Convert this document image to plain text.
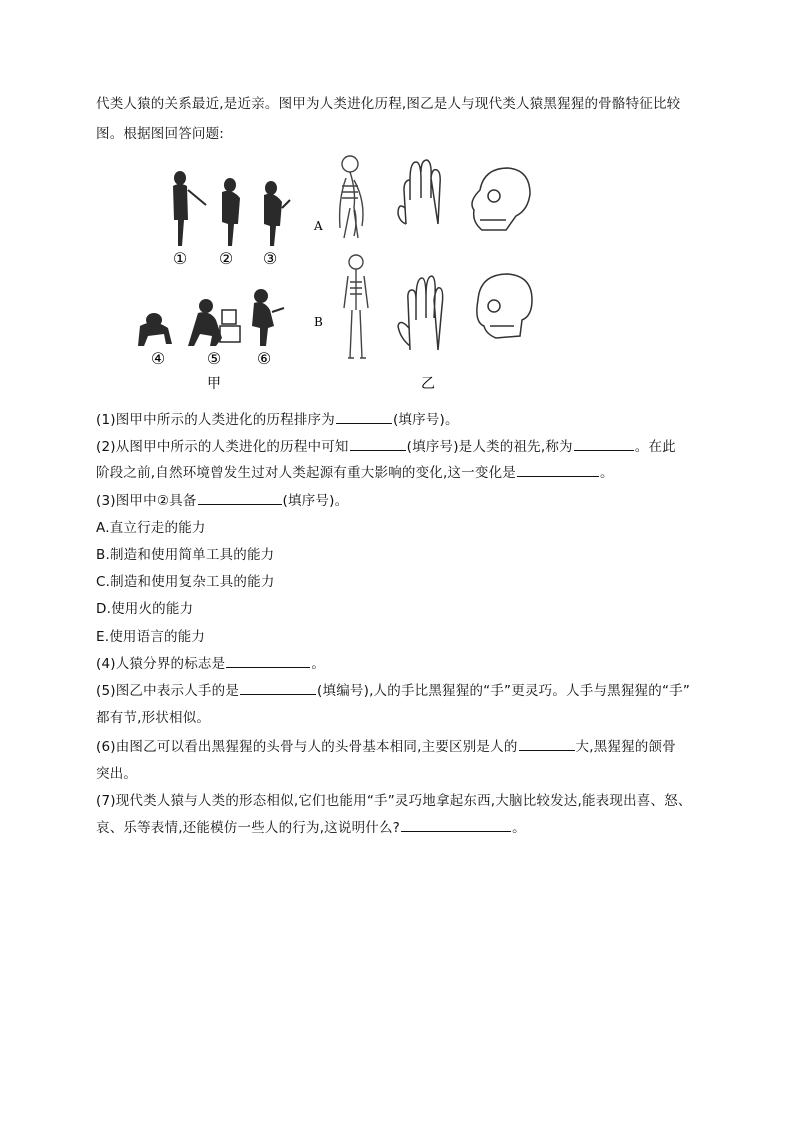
代类人猿的关系最近,是近亲。图甲为人类进化历程,图乙是人与现代类人猿黑猩猩的骨骼特征比较
图。根据图回答问题:
① ② ③
④	⑤ ⑥
甲
A
B
乙
(1)图甲中所示的人类进化的历程排序为	(填序号)。
(2)从图甲中所示的人类进化的历程中可知	(填序号)是人类的祖先,称为	。在此
阶段之前,自然环境曾发生过对人类起源有重大影响的变化,这一变化是	。
(3)图甲中②具备	(填序号)。
A.直立行走的能力
B.制造和使用简单工具的能力
C.制造和使用复杂工具的能力
D.使用火的能力
E.使用语言的能力
(4)人猿分界的标志是	。
(5)图乙中表示人手的是	(填编号),人的手比黑猩猩的“手”更灵巧。人手与黑猩猩的“手”
都有节,形状相似。
(6)由图乙可以看出黑猩猩的头骨与人的头骨基本相同,主要区别是人的	大,黑猩猩的颌骨
突出。
(7)现代类人猿与人类的形态相似,它们也能用“手”灵巧地拿起东西,大脑比较发达,能表现出喜、怒、
哀、乐等表情,还能模仿一些人的行为,这说明什么?	。
